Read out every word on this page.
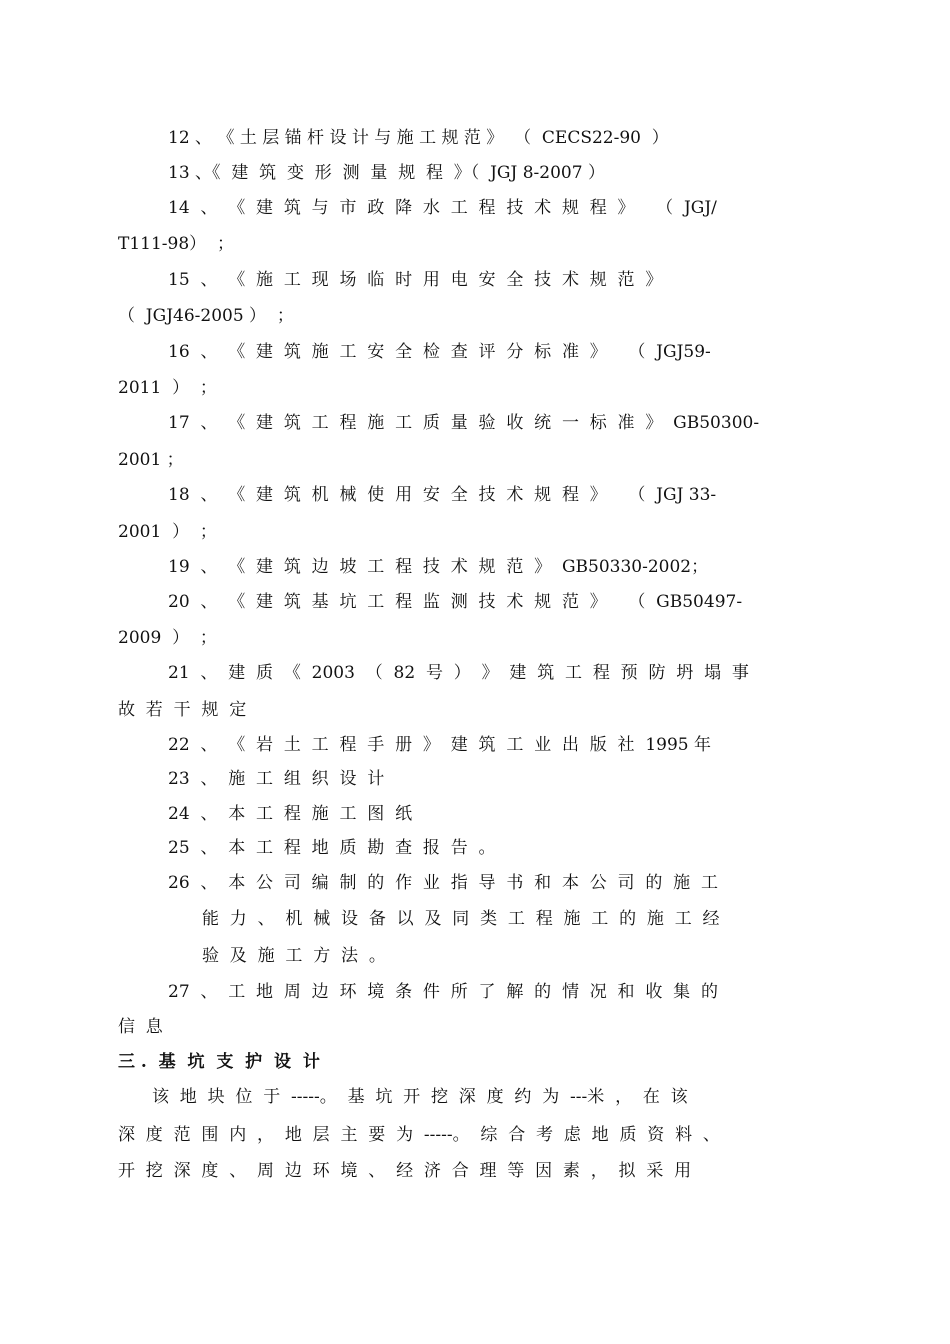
12 、 《 土 层 锚 杆 设 计 与 施 工 规 范 》  （  CECS22-90  ）
13 、《  建  筑  变  形  测  量  规  程  》（  JGJ 8-2007 ）
14  、  《  建  筑  与  市  政  降  水  工  程  技  术  规  程  》    （  JGJ/
T111-98）  ；
15  、  《  施  工  现  场  临  时  用  电  安  全  技  术  规  范  》
（  JGJ46-2005 ）  ；
16  、  《  建  筑  施  工  安  全  检  查  评  分  标  准  》    （  JGJ59-
2011  ）  ；
17  、  《  建  筑  工  程  施  工  质  量  验  收  统  一  标  准  》  GB50300-
2001 ；
18  、  《  建  筑  机  械  使  用  安  全  技  术  规  程  》    （  JGJ 33-
2001  ）  ；
19  、  《  建  筑  边  坡  工  程  技  术  规  范  》  GB50330-2002；
20  、  《  建  筑  基  坑  工  程  监  测  技  术  规  范  》    （  GB50497-
2009  ）  ；
21  、  建  质  《  2003  （  82  号  ）  》  建  筑  工  程  预  防  坍  塌  事
故  若  干  规  定
22  、  《  岩  土  工  程  手  册  》  建  筑  工  业  出  版  社  1995 年
23  、  施  工  组  织  设  计
24  、  本  工  程  施  工  图  纸
25  、  本  工  程  地  质  勘  查  报  告  。
26  、  本  公  司  编  制  的  作  业  指  导  书  和  本  公  司  的  施  工
能  力  、  机  械  设  备  以  及  同  类  工  程  施  工  的  施  工  经
验  及  施  工  方  法  。
27  、  工  地  周  边  环  境  条  件  所  了  解  的  情  况  和  收  集  的
信  息
三 .  基  坑  支  护  设  计
该  地  块  位  于  -----。  基  坑  开  挖  深  度  约  为  ---米  ，  在  该
深  度  范  围  内  ，  地  层  主  要  为  -----。  综  合  考  虑  地  质  资  料  、
开  挖  深  度  、  周  边  环  境  、  经  济  合  理  等  因  素  ，  拟  采  用
